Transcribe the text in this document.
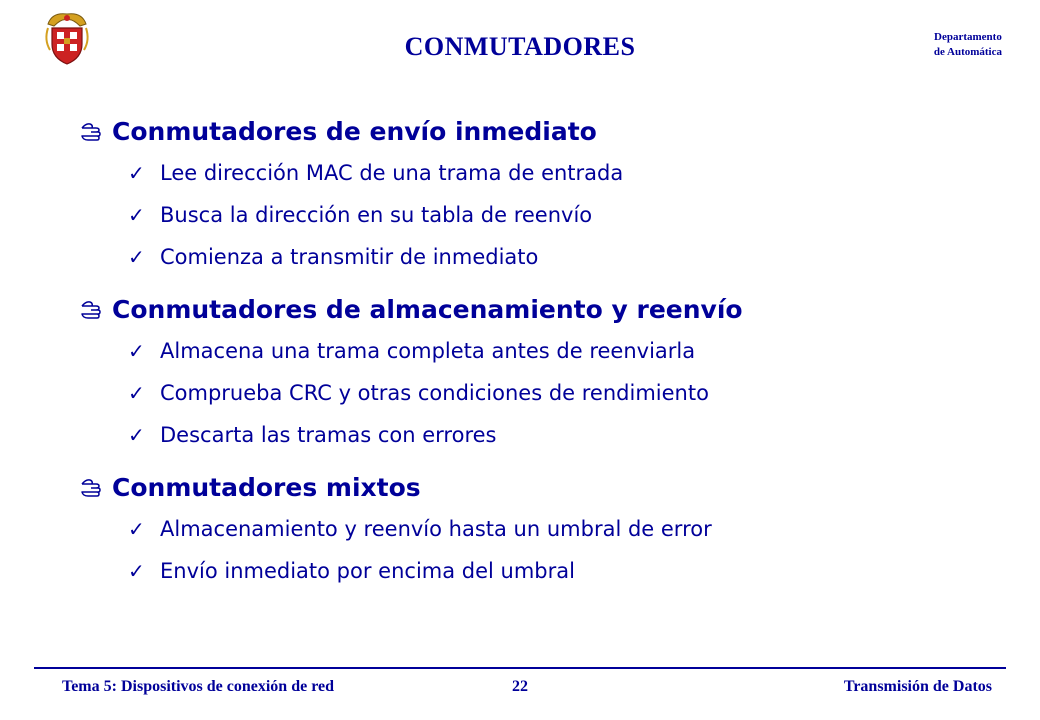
CONMUTADORES	Departamento
de Automática
Conmutadores de envío inmediato
✓ Lee dirección MAC de una trama de entrada
✓ Busca la dirección en su tabla de reenvío
✓ Comienza a transmitir de inmediato
Conmutadores de almacenamiento y reenvío
✓ Almacena una trama completa antes de reenviarla
✓ Comprueba CRC y otras condiciones de rendimiento
✓ Descarta las tramas con errores
Conmutadores mixtos
✓ Almacenamiento y reenvío hasta un umbral de error
✓ Envío inmediato por encima del umbral
Tema 5: Dispositivos de conexión de red	22	Transmisión de Datos
